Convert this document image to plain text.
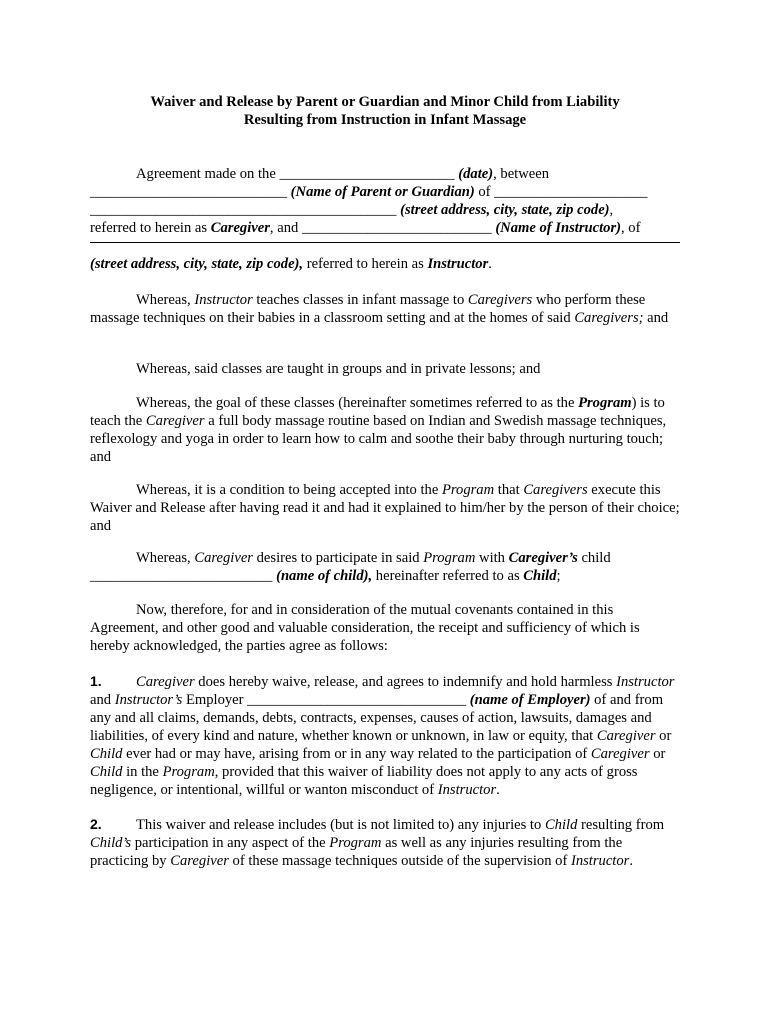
Waiver and Release by Parent or Guardian and Minor Child from Liability
Resulting from Instruction in Infant Massage
Agreement made on the ________________________ (date), between
___________________________ (Name of Parent or Guardian) of _____________________
__________________________________________ (street address, city, state, zip code),
referred to herein as Caregiver, and __________________________ (Name of Instructor), of
(street address, city, state, zip code), referred to herein as Instructor.

Whereas, Instructor teaches classes in infant massage to Caregivers who perform these massage techniques on their babies in a classroom setting and at the homes of said Caregivers; and

Whereas, said classes are taught in groups and in private lessons; and

Whereas, the goal of these classes (hereinafter sometimes referred to as the Program) is to teach the Caregiver a full body massage routine based on Indian and Swedish massage techniques, reflexology and yoga in order to learn how to calm and soothe their baby through nurturing touch; and

Whereas, it is a condition to being accepted into the Program that Caregivers execute this Waiver and Release after having read it and had it explained to him/her by the person of their choice; and

Whereas, Caregiver desires to participate in said Program with Caregiver’s child _________________________ (name of child), hereinafter referred to as Child;

Now, therefore, for and in consideration of the mutual covenants contained in this Agreement, and other good and valuable consideration, the receipt and sufficiency of which is hereby acknowledged, the parties agree as follows:

1. Caregiver does hereby waive, release, and agrees to indemnify and hold harmless Instructor and Instructor’s Employer ______________________________ (name of Employer) of and from any and all claims, demands, debts, contracts, expenses, causes of action, lawsuits, damages and liabilities, of every kind and nature, whether known or unknown, in law or equity, that Caregiver or Child ever had or may have, arising from or in any way related to the participation of Caregiver or Child in the Program, provided that this waiver of liability does not apply to any acts of gross negligence, or intentional, willful or wanton misconduct of Instructor.

2. This waiver and release includes (but is not limited to) any injuries to Child resulting from Child’s participation in any aspect of the Program as well as any injuries resulting from the practicing by Caregiver of these massage techniques outside of the supervision of Instructor.
